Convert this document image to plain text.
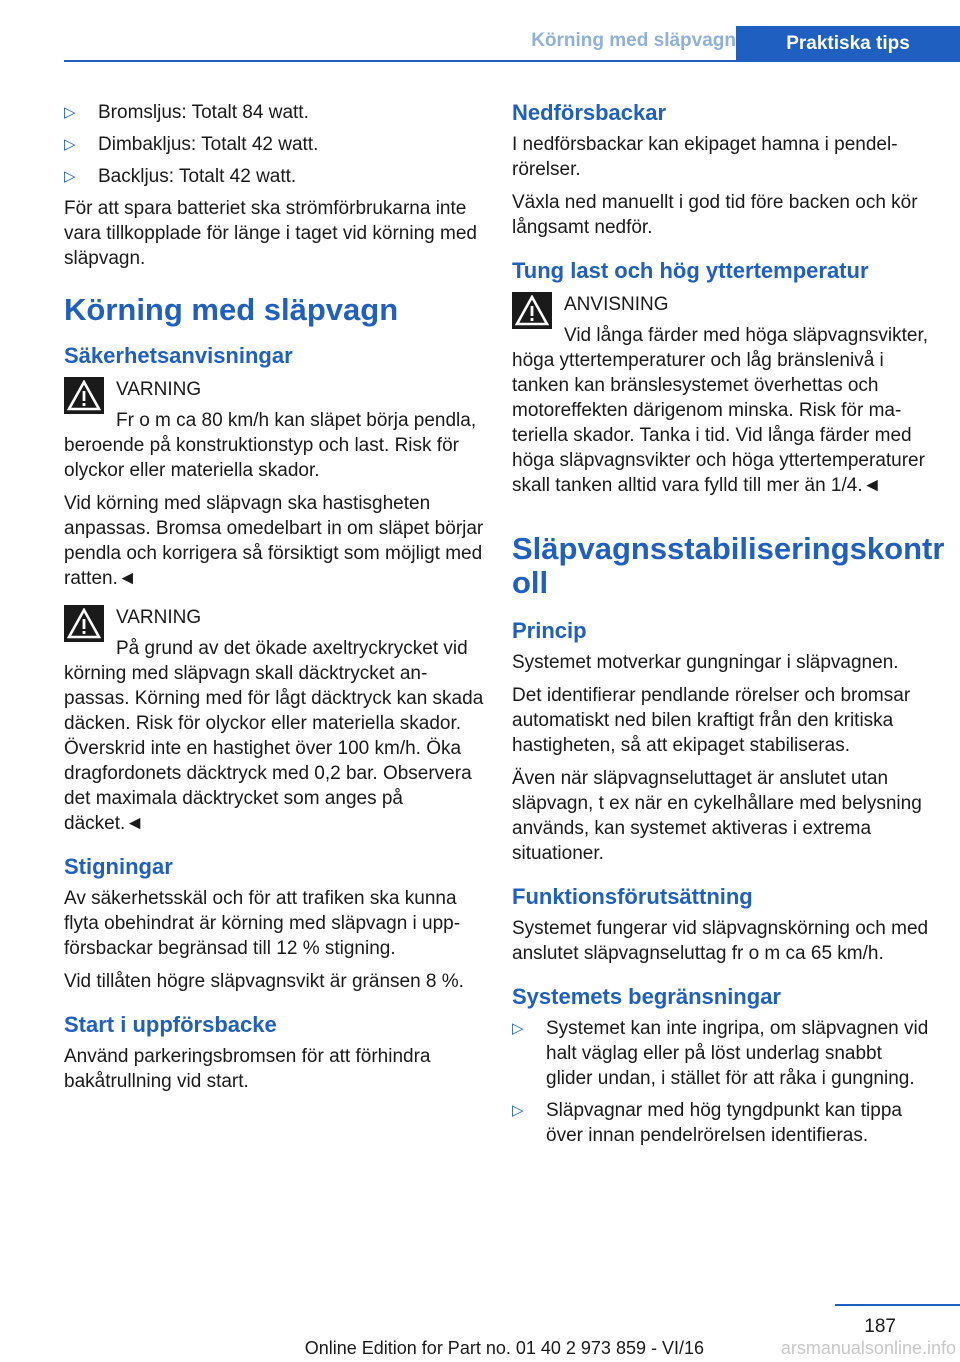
Körning med släpvagn	Praktiska tips
▷ Bromsljus: Totalt 84 watt.
▷ Dimbakljus: Totalt 42 watt.
▷ Backljus: Totalt 42 watt.

För att spara batteriet ska strömförbrukarna inte vara tillkopplade för länge i taget vid körning med släpvagn.

Körning med släpvagn
Säkerhetsanvisningar

VARNING

Fr o m ca 80 km/h kan släpet börja pendla, beroende på konstruktionstyp och last. Risk för olyckor eller materiella skador.

Vid körning med släpvagn ska hastisgheten anpassas. Bromsa omedelbart in om släpet börjar pendla och korrigera så försiktigt som möjligt med ratten.◄

VARNING

På grund av det ökade axeltryckrycket vid körning med släpvagn skall däcktrycket anpassas. Körning med för lågt däcktryck kan skada däcken. Risk för olyckor eller materiella skador. Överskrid inte en hastighet över 100 km/h. Öka dragfordonets däcktryck med 0,2 bar. Observera det maximala däcktrycket som anges på däcket.◄

Stigningar

Av säkerhetsskäl och för att trafiken ska kunna flyta obehindrat är körning med släpvagn i uppförsbackar begränsad till 12 % stigning.

Vid tillåten högre släpvagnsvikt är gränsen 8 %.

Start i uppförsbacke

Använd parkeringsbromsen för att förhindra bakåtrullning vid start.

Nedförsbackar

I nedförsbackar kan ekipaget hamna i pendelrörelser.

Växla ned manuellt i god tid före backen och kör långsamt nedför.

Tung last och hög yttertemperatur

ANVISNING

Vid långa färder med höga släpvagnsvikter, höga yttertemperaturer och låg bränslenivå i tanken kan bränslesystemet överhettas och motoreffekten därigenom minska. Risk för materiella skador. Tanka i tid. Vid långa färder med höga släpvagnsvikter och höga yttertemperaturer skall tanken alltid vara fylld till mer än 1/4.◄

Släpvagnsstabiliseringskontr oll
Princip

Systemet motverkar gungningar i släpvagnen.

Det identifierar pendlande rörelser och bromsar automatiskt ned bilen kraftigt från den kritiska hastigheten, så att ekipaget stabiliseras.

Även när släpvagnseluttaget är anslutet utan släpvagn, t ex när en cykelhållare med belysning används, kan systemet aktiveras i extrema situationer.

Funktionsförutsättning

Systemet fungerar vid släpvagnskörning och med anslutet släpvagnseluttag fr o m ca 65 km/h.

Systemets begränsningar
▷ Systemet kan inte ingripa, om släpvagnen vid halt väglag eller på löst underlag snabbt glider undan, i stället för att råka i gungning.
▷ Släpvagnar med hög tyngdpunkt kan tippa över innan pendelrörelsen identifieras.
187
Online Edition for Part no. 01 40 2 973 859 - VI/16	arsmanualsonline.info
